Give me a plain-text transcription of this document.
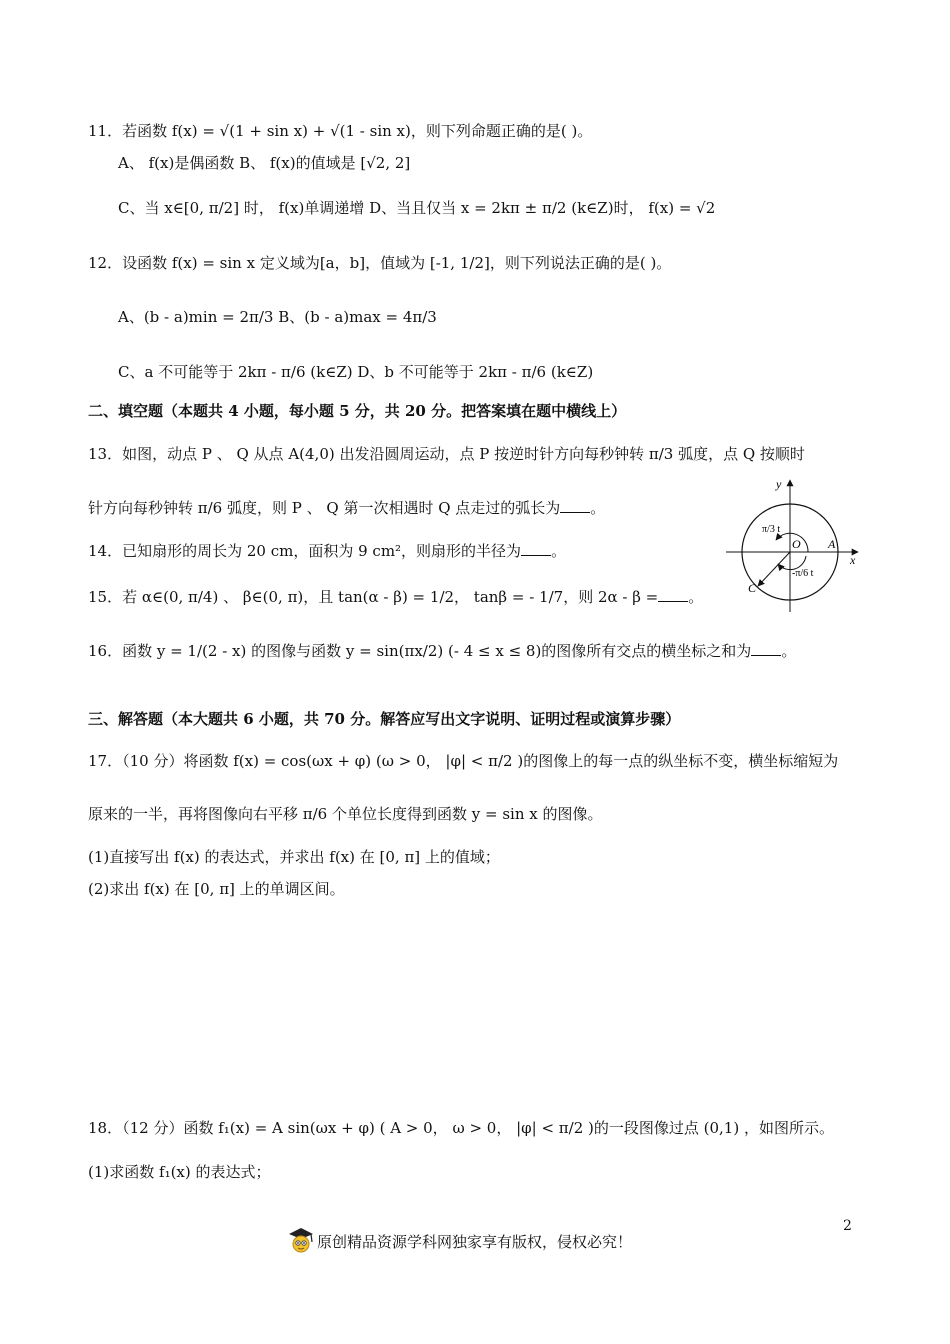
11．若函数 f(x) = √(1 + sin x) + √(1 - sin x)，则下列命题正确的是( )。
A、 f(x)是偶函数 B、 f(x)的值域是 [√2, 2]
C、当 x∈[0, π/2] 时， f(x)单调递增 D、当且仅当 x = 2kπ ± π/2 (k∈Z)时， f(x) = √2
12．设函数 f(x) = sin x 定义域为[a，b]，值域为 [-1, 1/2]，则下列说法正确的是( )。
A、(b - a)min = 2π/3 B、(b - a)max = 4π/3
C、a 不可能等于 2kπ - π/6 (k∈Z) D、b 不可能等于 2kπ - π/6 (k∈Z)
二、填空题（本题共 4 小题，每小题 5 分，共 20 分。把答案填在题中横线上）
13．如图，动点 P 、 Q 从点 A(4,0) 出发沿圆周运动，点 P 按逆时针方向每秒钟转 π/3 弧度，点 Q 按顺时
针方向每秒钟转 π/6 弧度，则 P 、 Q 第一次相遇时 Q 点走过的弧长为 。
14．已知扇形的周长为 20 cm，面积为 9 cm²，则扇形的半径为 。
15．若 α∈(0, π/4) 、 β∈(0, π)，且 tan(α - β) = 1/2， tanβ = - 1/7，则 2α - β = 。
16．函数 y = 1/(2 - x) 的图像与函数 y = sin(πx/2) (- 4 ≤ x ≤ 8)的图像所有交点的横坐标之和为 。
三、解答题（本大题共 6 小题，共 70 分。解答应写出文字说明、证明过程或演算步骤）
17．（10 分）将函数 f(x) = cos(ωx + φ) (ω > 0， |φ| < π/2 )的图像上的每一点的纵坐标不变，横坐标缩短为
原来的一半，再将图像向右平移 π/6 个单位长度得到函数 y = sin x 的图像。
(1)直接写出 f(x) 的表达式，并求出 f(x) 在 [0, π] 上的值域；
(2)求出 f(x) 在 [0, π] 上的单调区间。
18．（12 分）函数 f₁(x) = A sin(ωx + φ) ( A > 0， ω > 0， |φ| < π/2 )的一段图像过点 (0,1) ，如图所示。
(1)求函数 f₁(x) 的表达式；
x
y
O A
C
π/3 t
-π/6 t
原创精品资源学科网独家享有版权，侵权必究！
2
